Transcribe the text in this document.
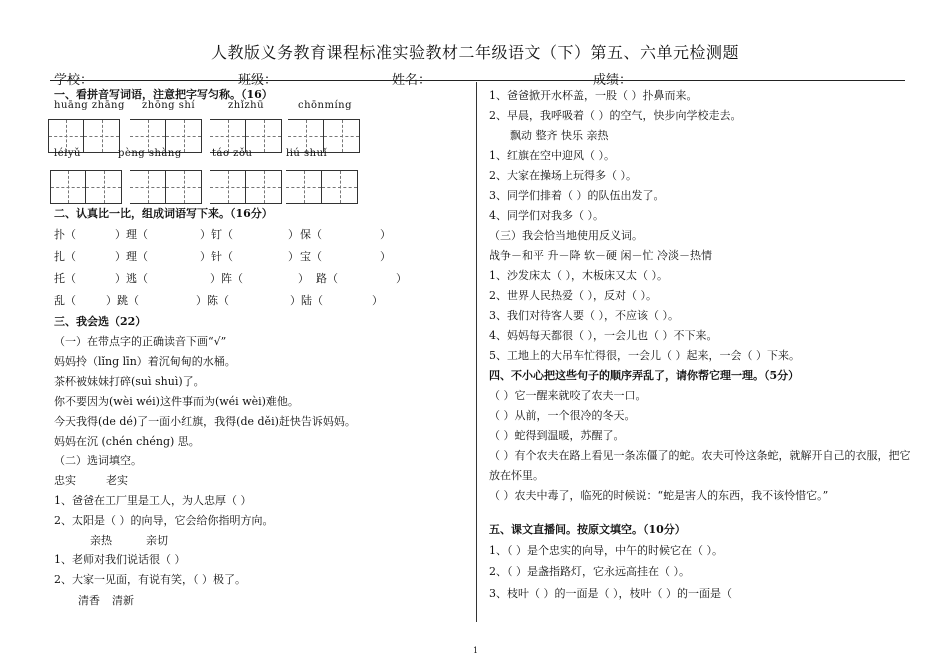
人教版义务教育课程标准实验教材二年级语文（下）第五、六单元检测题
学校：	班级：	姓名：	成绩：
一、看拼音写词语，注意把字写匀称。（16）
huāng zhāng zhōng shí	zhǐzhū	chōnmíng
léiyǔ	pèng shàng	táo zǒu	liú shuǐ
二、认真比一比，组成词语写下来。（16分）
扑（	）理（	）钉（	） 保（	）
扎（	）理（	）针（	） 宝（	）
托（	）逃（	）阵（	） 路（	）
乱（	）跳（	）陈（	）陆（	）
三、我会选（22）
（一）在带点字的正确读音下画“√”
妈妈拎（lǐng līn）着沉甸甸的水桶。
茶杯被妹妹打碎(suì shuì)了。
你不要因为(wèi wéi)这件事而为(wéi wèi)难他。
今天我得(de dé)了一面小红旗，我得(de děi)赶快告诉妈妈。
妈妈在沉 (chén chéng) 思。
（二）选词填空。
忠实	老实
1、爸爸在工厂里是工人，为人忠厚（ ）
2、太阳是（ ）的向导，它会给你指明方向。
亲热	亲切
1、老师对我们说话很（ ）
2、大家一见面，有说有笑，（ ）极了。
清香 清新
1、爸爸掀开水杯盖，一股（ ）扑鼻而来。
2、早晨，我呼吸着（ ）的空气，快步向学校走去。
飘动 整齐 快乐 亲热
1、红旗在空中迎风（ ）。
2、大家在操场上玩得多（ ）。
3、同学们排着（ ）的队伍出发了。
4、同学们对我多（ ）。
（三）我会恰当地使用反义词。
战争－和平 升－降 软－硬 闲－忙 冷淡－热情
1、沙发床太（ ），木板床又太（ ）。
2、世界人民热爱（ ），反对（ ）。
3、我们对待客人要（ ），不应该（ ）。
4、妈妈每天都很（ ），一会儿也（ ）不下来。
5、工地上的大吊车忙得很，一会儿（ ）起来，一会（ ）下来。
四、不小心把这些句子的顺序弄乱了，请你帮它理一理。（5分）
（ ）它一醒来就咬了农夫一口。
（ ）从前，一个很冷的冬天。
（ ）蛇得到温暖，苏醒了。
（ ）有个农夫在路上看见一条冻僵了的蛇。农夫可怜这条蛇，就解开自己的衣服，把它
放在怀里。
（ ）农夫中毒了，临死的时候说：“蛇是害人的东西，我不该怜惜它。”
五、课文直播间。按原文填空。（10分）
1、（ ）是个忠实的向导，中午的时候它在（ ）。
2、（ ）是盏指路灯，它永远高挂在（ ）。
3、枝叶（ ）的一面是（ ），枝叶（ ）的一面是（
1
